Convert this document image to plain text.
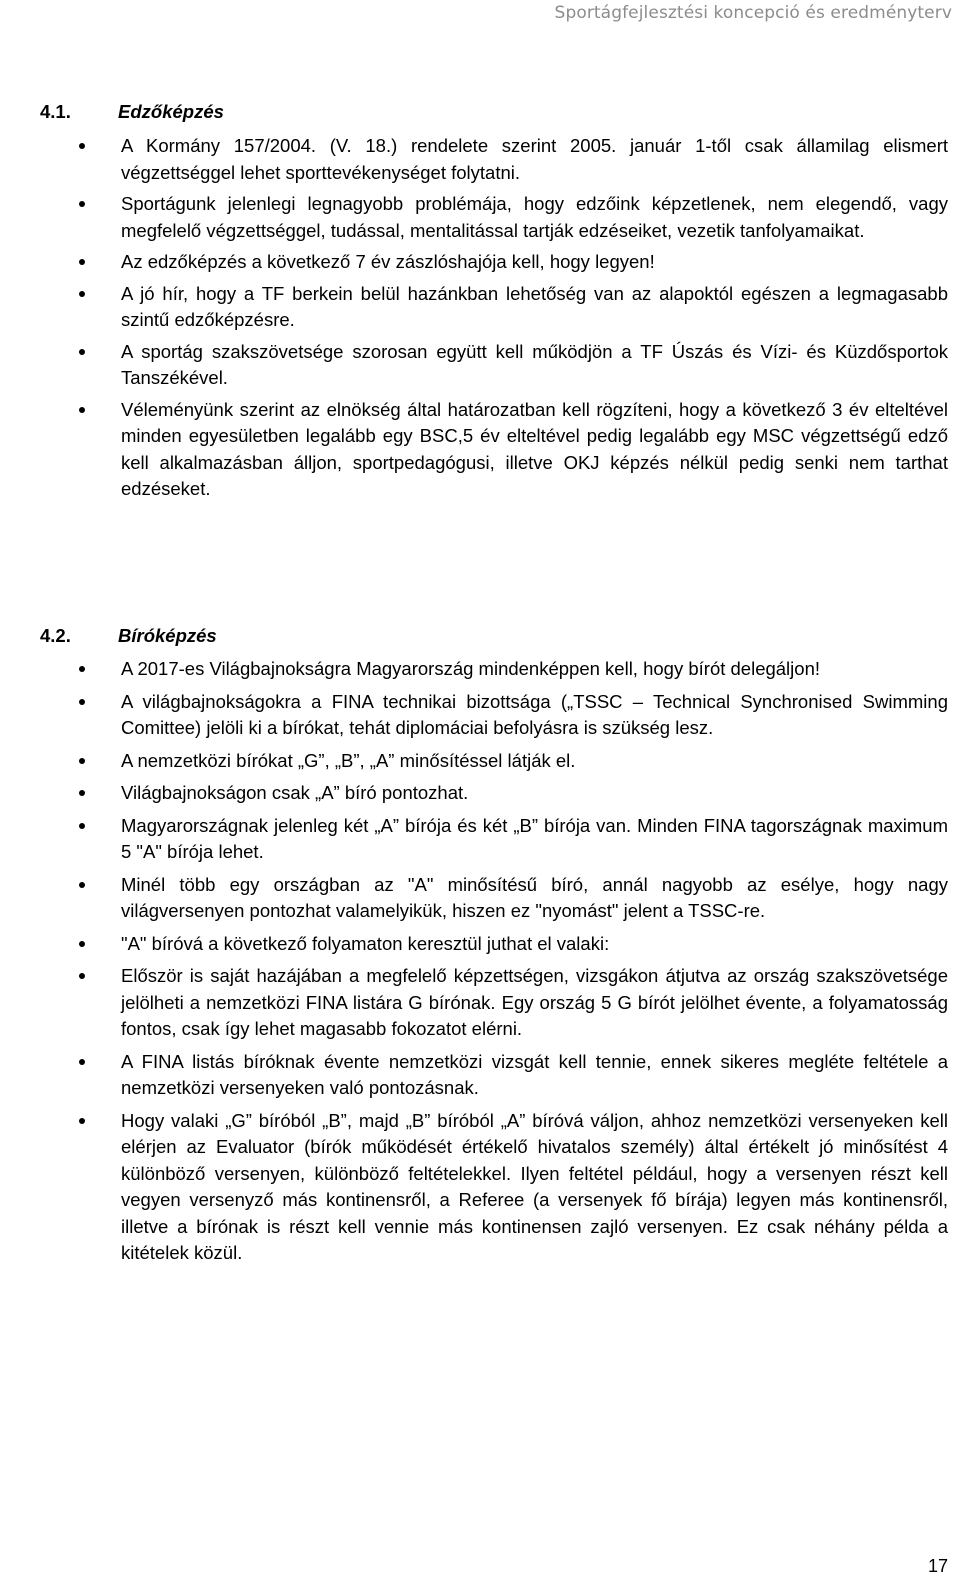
Sportágfejlesztési koncepció és eredményterv
4.1.	Edzőképzés
A Kormány 157/2004. (V. 18.) rendelete szerint 2005. január 1-től csak államilag elismert végzettséggel lehet sporttevékenységet folytatni.
Sportágunk jelenlegi legnagyobb problémája, hogy edzőink képzetlenek, nem elegendő, vagy megfelelő végzettséggel, tudással, mentalitással tartják edzéseiket, vezetik tanfolyamaikat.
Az edzőképzés a következő 7 év zászlóshajója kell, hogy legyen!
A jó hír, hogy a TF berkein belül hazánkban lehetőség van az alapoktól egészen a legmagasabb szintű edzőképzésre.
A sportág szakszövetsége szorosan együtt kell működjön a TF Úszás és Vízi- és Küzdősportok Tanszékével.
Véleményünk szerint az elnökség által határozatban kell rögzíteni, hogy a következő 3 év elteltével minden egyesületben legalább egy BSC,5 év elteltével pedig legalább egy MSC végzettségű edző kell alkalmazásban álljon, sportpedagógusi, illetve OKJ képzés nélkül pedig senki nem tarthat edzéseket.
4.2.	Bíróképzés
A 2017-es Világbajnokságra Magyarország mindenképpen kell, hogy bírót delegáljon!
A világbajnokságokra a FINA technikai bizottsága („TSSC – Technical Synchronised Swimming Comittee) jelöli ki a bírókat, tehát diplomáciai befolyásra is szükség lesz.
A nemzetközi bírókat „G”, „B”, „A” minősítéssel látják el.
Világbajnokságon csak „A” bíró pontozhat.
Magyarországnak jelenleg két „A” bírója és két „B” bírója van. Minden FINA tagországnak maximum 5 "A" bírója lehet.
Minél több egy országban az "A" minősítésű bíró, annál nagyobb az esélye, hogy nagy világversenyen pontozhat valamelyikük, hiszen ez "nyomást" jelent a TSSC-re.
"A" bíróvá a következő folyamaton keresztül juthat el valaki:
Először is saját hazájában a megfelelő képzettségen, vizsgákon átjutva az ország szakszövetsége jelölheti a nemzetközi FINA listára G bírónak. Egy ország 5 G bírót jelölhet évente, a folyamatosság fontos, csak így lehet magasabb fokozatot elérni.
A FINA listás bíróknak évente nemzetközi vizsgát kell tennie, ennek sikeres megléte feltétele a nemzetközi versenyeken való pontozásnak.
Hogy valaki „G” bíróból „B”, majd „B” bíróból „A” bíróvá váljon, ahhoz nemzetközi versenyeken kell elérjen az Evaluator (bírók működését értékelő hivatalos személy) által értékelt jó minősítést 4 különböző versenyen, különböző feltételekkel. Ilyen feltétel például, hogy a versenyen részt kell vegyen versenyző más kontinensről, a Referee (a versenyek fő bírája) legyen más kontinensről, illetve a bírónak is részt kell vennie más kontinensen zajló versenyen. Ez csak néhány példa a kitételek közül.
17
